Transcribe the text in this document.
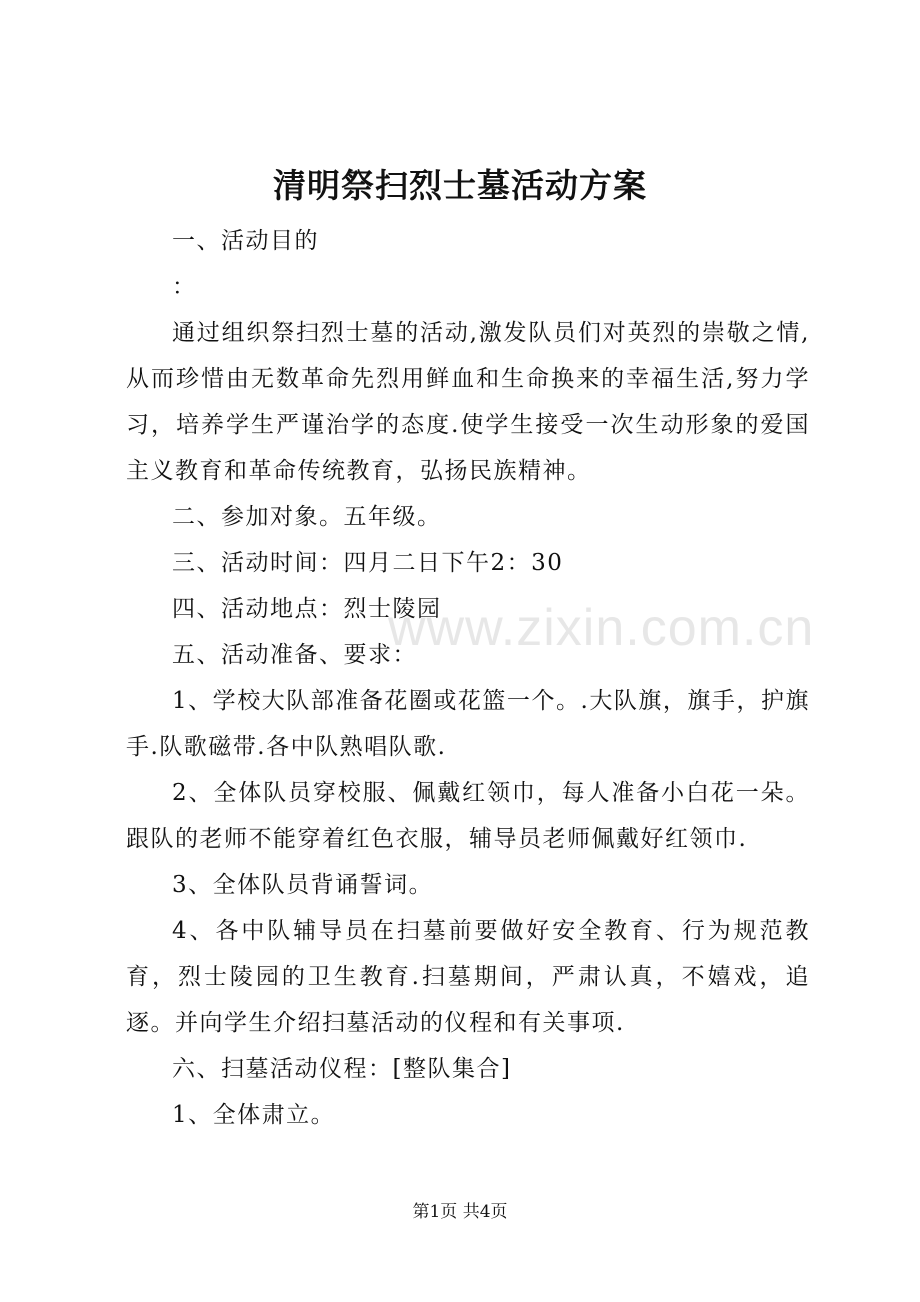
清明祭扫烈士墓活动方案

一、活动目的

：

通过组织祭扫烈士墓的活动,激发队员们对英烈的崇敬之情,从而珍惜由无数革命先烈用鲜血和生命换来的幸福生活,努力学习，培养学生严谨治学的态度.使学生接受一次生动形象的爱国主义教育和革命传统教育，弘扬民族精神。

二、参加对象。五年级。

三、活动时间：四月二日下午2：30

四、活动地点：烈士陵园

五、活动准备、要求：

1、学校大队部准备花圈或花篮一个。.大队旗，旗手，护旗手.队歌磁带.各中队熟唱队歌.

2、全体队员穿校服、佩戴红领巾，每人准备小白花一朵。跟队的老师不能穿着红色衣服，辅导员老师佩戴好红领巾.

3、全体队员背诵誓词。

4、各中队辅导员在扫墓前要做好安全教育、行为规范教育，烈士陵园的卫生教育.扫墓期间，严肃认真，不嬉戏，追逐。并向学生介绍扫墓活动的仪程和有关事项.

六、扫墓活动仪程：[整队集合]

1、全体肃立。

www.zixin.com.cn
第1页 共4页
